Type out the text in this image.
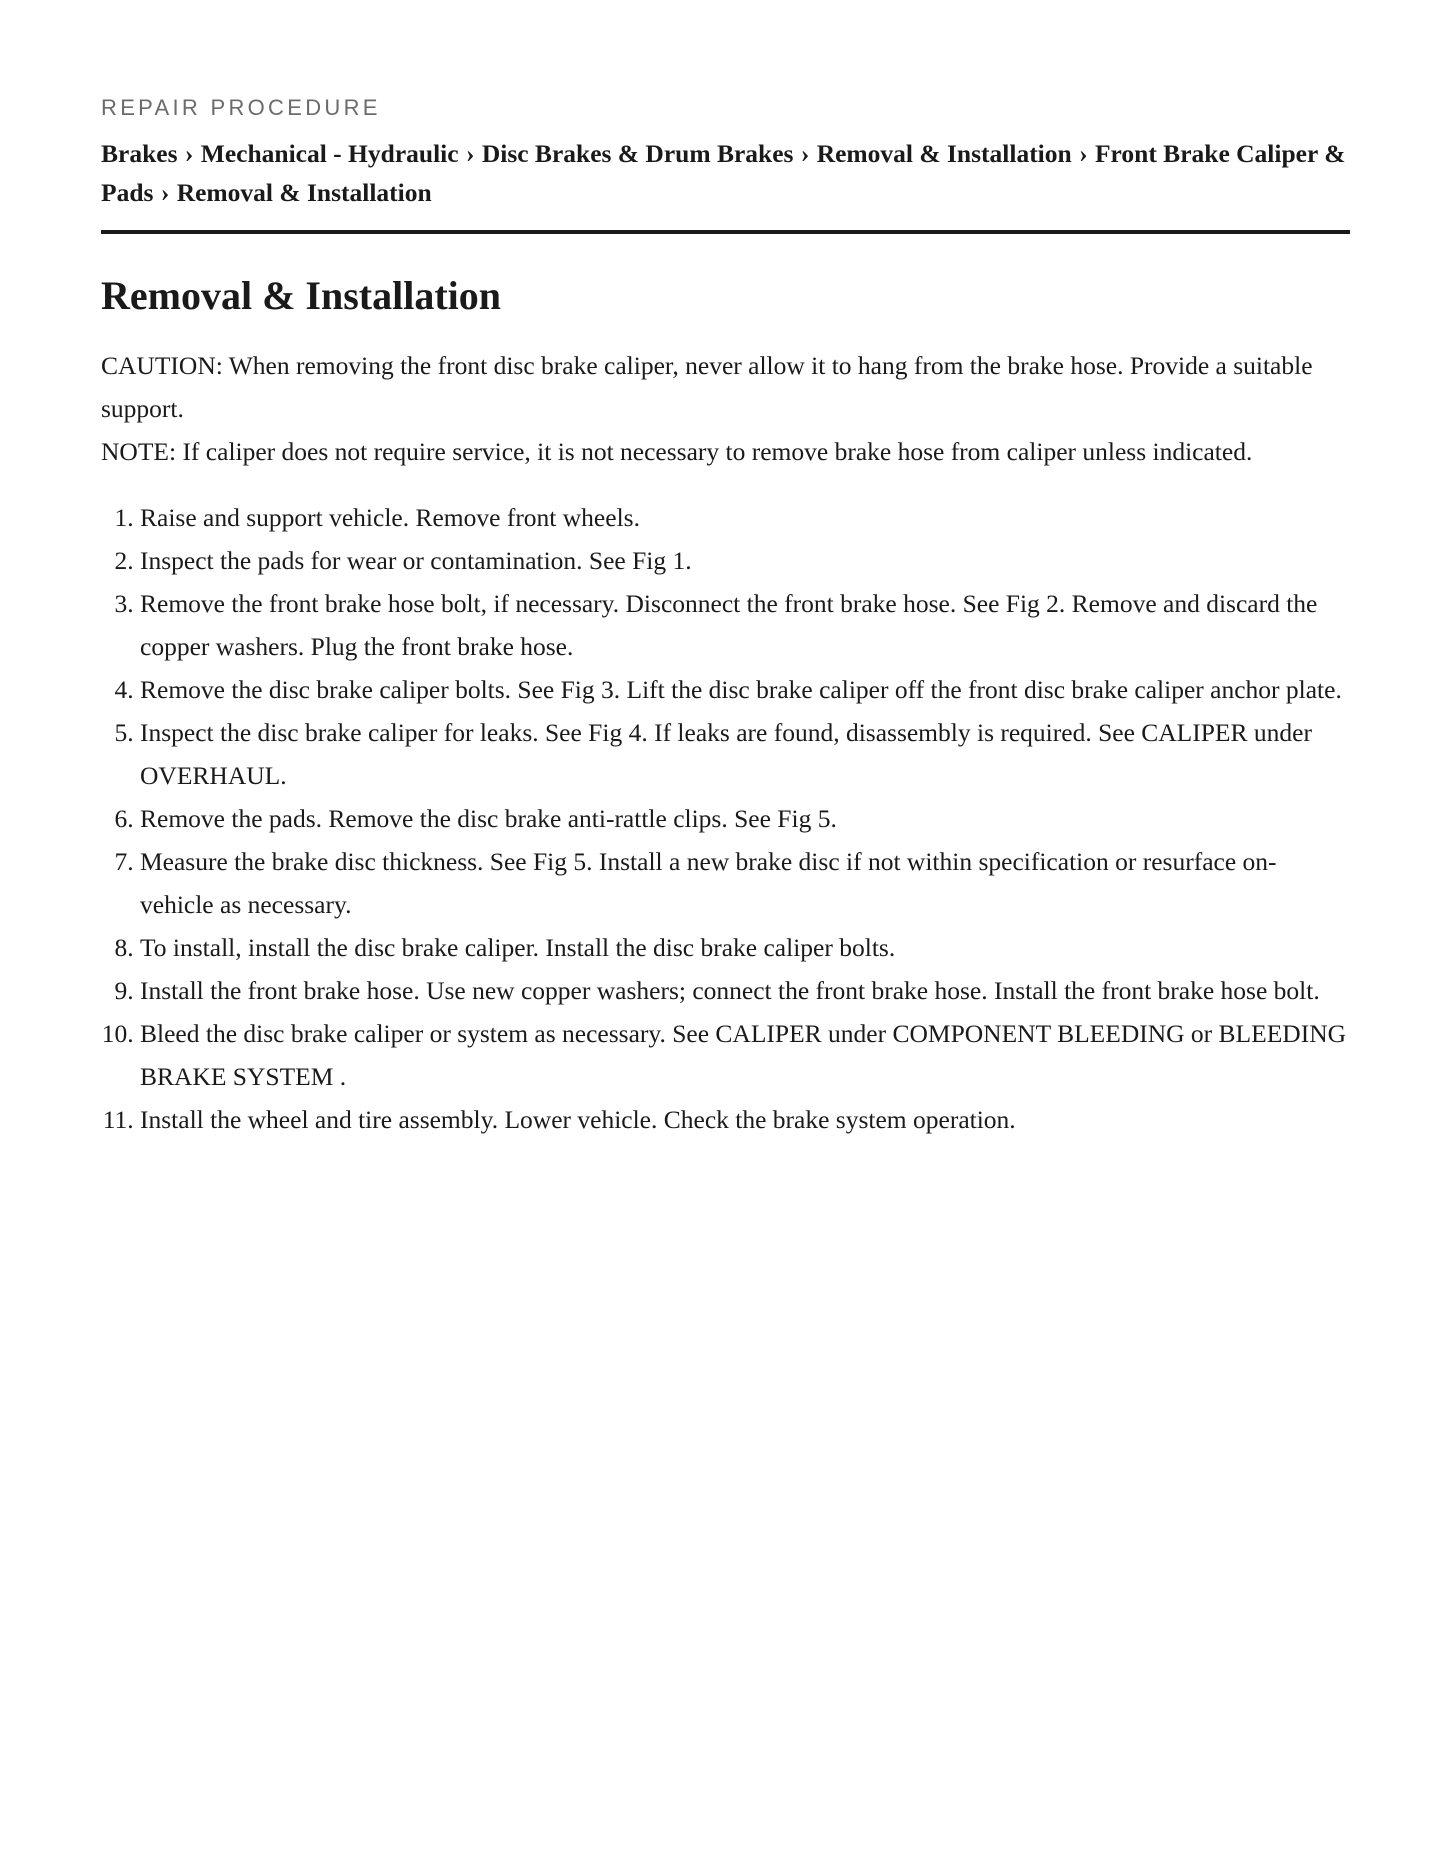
REPAIR PROCEDURE
Brakes › Mechanical - Hydraulic › Disc Brakes & Drum Brakes › Removal & Installation › Front Brake Caliper & Pads › Removal & Installation
Removal & Installation

CAUTION: When removing the front disc brake caliper, never allow it to hang from the brake hose. Provide a suitable support.

NOTE: If caliper does not require service, it is not necessary to remove brake hose from caliper unless indicated.

1. Raise and support vehicle. Remove front wheels.
2. Inspect the pads for wear or contamination. See Fig 1.
3. Remove the front brake hose bolt, if necessary. Disconnect the front brake hose. See Fig 2. Remove and discard the copper washers. Plug the front brake hose.
4. Remove the disc brake caliper bolts. See Fig 3. Lift the disc brake caliper off the front disc brake caliper anchor plate.
5. Inspect the disc brake caliper for leaks. See Fig 4. If leaks are found, disassembly is required. See CALIPER under OVERHAUL.
6. Remove the pads. Remove the disc brake anti-rattle clips. See Fig 5.
7. Measure the brake disc thickness. See Fig 5. Install a new brake disc if not within specification or resurface on-vehicle as necessary.
8. To install, install the disc brake caliper. Install the disc brake caliper bolts.
9. Install the front brake hose. Use new copper washers; connect the front brake hose. Install the front brake hose bolt.
10. Bleed the disc brake caliper or system as necessary. See CALIPER under COMPONENT BLEEDING or BLEEDING BRAKE SYSTEM .
11. Install the wheel and tire assembly. Lower vehicle. Check the brake system operation.
